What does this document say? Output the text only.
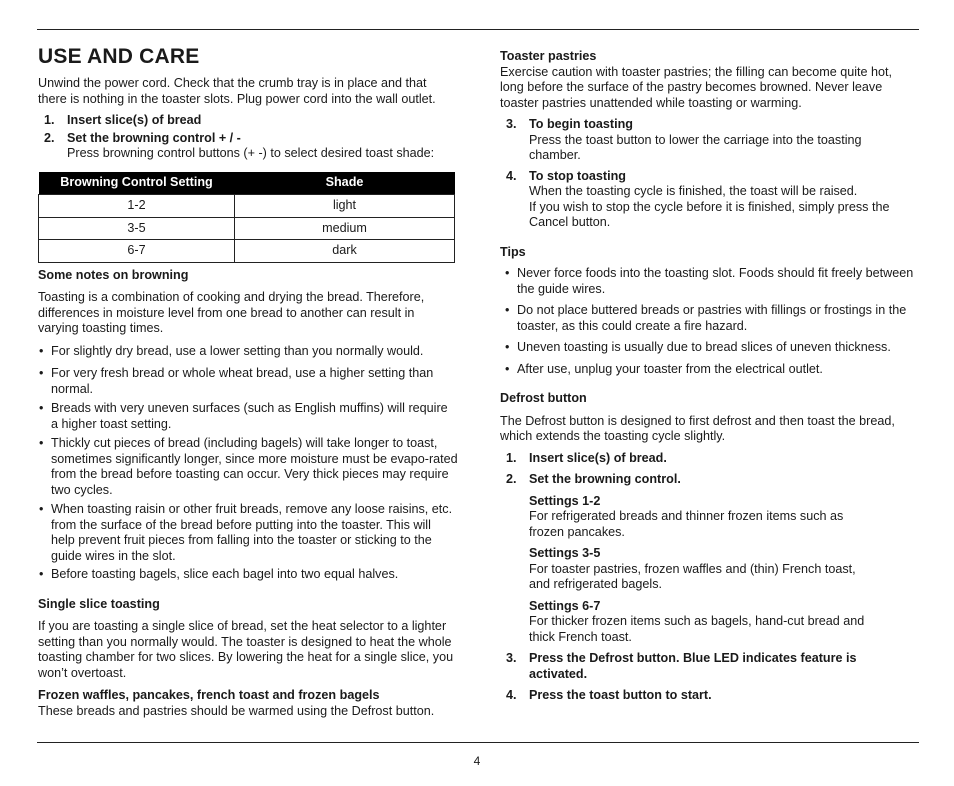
USE AND CARE

Unwind the power cord. Check that the crumb tray is in place and that there is nothing in the toaster slots. Plug power cord into the wall outlet.

1. Insert slice(s) of bread
2. Set the browning control + / -
Press browning control buttons (+ -) to select desired toast shade:
Browning Control Setting	Shade
1-2	light
3-5	medium
6-7	dark

Some notes on browning

Toasting is a combination of cooking and drying the bread. Therefore, differences in moisture level from one bread to another can result in varying toasting times.

• For slightly dry bread, use a lower setting than you normally would.
• For very fresh bread or whole wheat bread, use a higher setting than normal.
• Breads with very uneven surfaces (such as English muffins) will require a higher toast setting.
• Thickly cut pieces of bread (including bagels) will take longer to toast, sometimes significantly longer, since more moisture must be evapo-rated from the bread before toasting can occur. Very thick pieces may require two cycles.
• When toasting raisin or other fruit breads, remove any loose raisins, etc. from the surface of the bread before putting into the toaster. This will help prevent fruit pieces from falling into the toaster or sticking to the guide wires in the slot.
• Before toasting bagels, slice each bagel into two equal halves.

Single slice toasting

If you are toasting a single slice of bread, set the heat selector to a lighter setting than you normally would. The toaster is designed to heat the whole toasting chamber for two slices. By lowering the heat for a single slice, you won’t overtoast.

Frozen waffles, pancakes, french toast and frozen bagels

These breads and pastries should be warmed using the Defrost button.

Toaster pastries

Exercise caution with toaster pastries; the filling can become quite hot, long before the surface of the pastry becomes browned. Never leave toaster pastries unattended while toasting or warming.

3. To begin toasting
Press the toast button to lower the carriage into the toasting chamber.
4. To stop toasting
When the toasting cycle is finished, the toast will be raised.
If you wish to stop the cycle before it is finished, simply press the Cancel button.

Tips

• Never force foods into the toasting slot. Foods should fit freely between the guide wires.
• Do not place buttered breads or pastries with fillings or frostings in the toaster, as this could create a fire hazard.
• Uneven toasting is usually due to bread slices of uneven thickness.
• After use, unplug your toaster from the electrical outlet.

Defrost button

The Defrost button is designed to first defrost and then toast the bread, which extends the toasting cycle slightly.

1. Insert slice(s) of bread.
2. Set the browning control.
Settings 1-2
For refrigerated breads and thinner frozen items such as frozen pancakes.
Settings 3-5
For toaster pastries, frozen waffles and (thin) French toast, and refrigerated bagels.
Settings 6-7
For thicker frozen items such as bagels, hand-cut bread and thick French toast.
3. Press the Defrost button. Blue LED indicates feature is activated.
4. Press the toast button to start.
4
